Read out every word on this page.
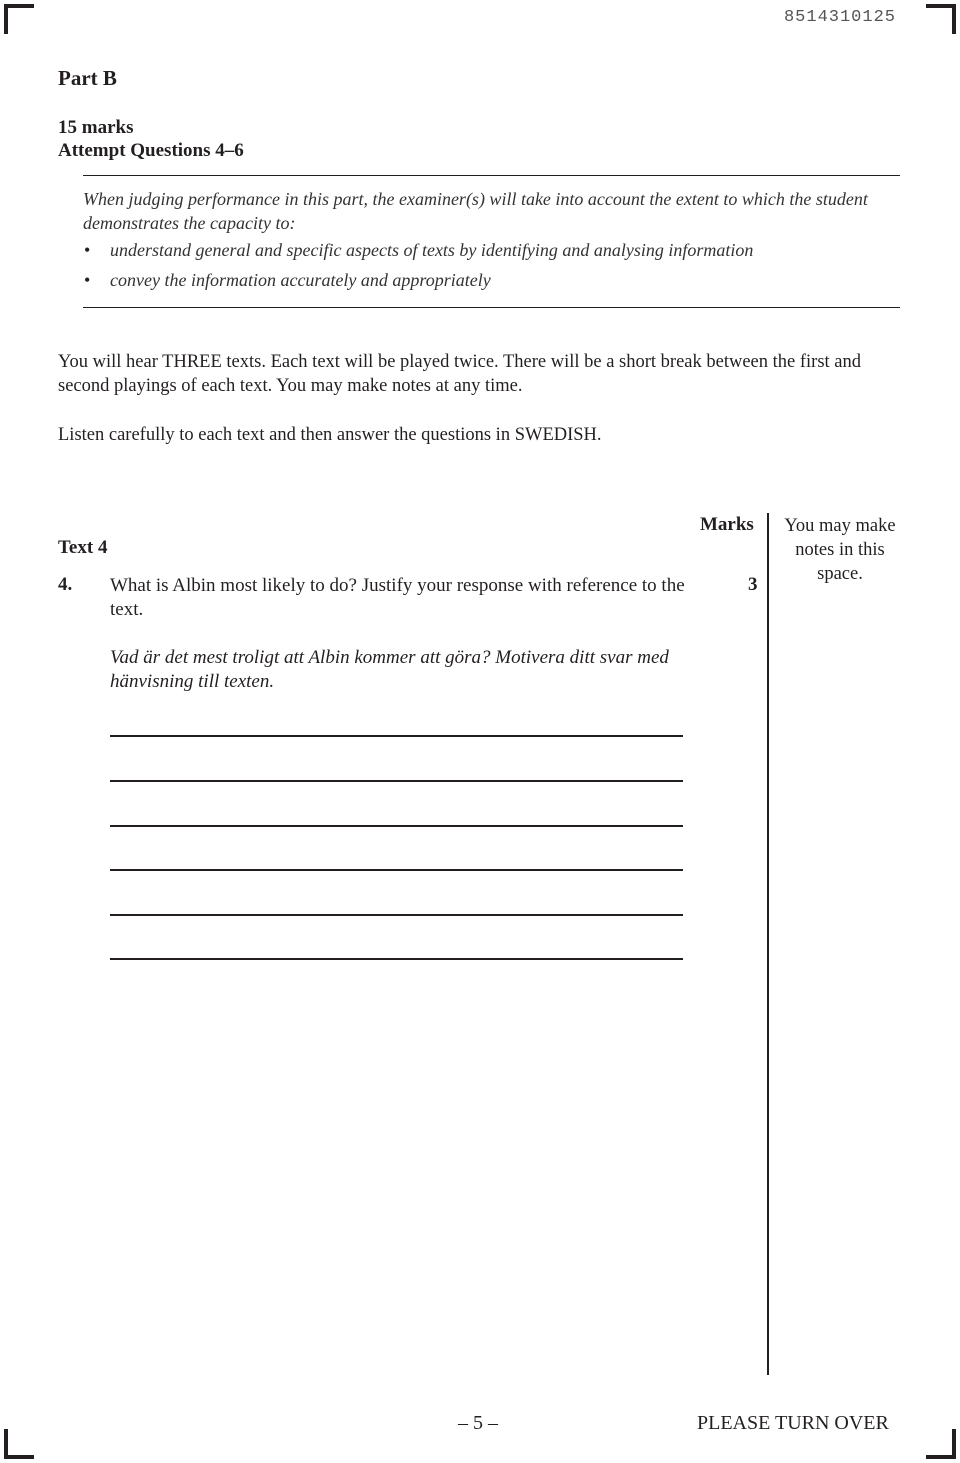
8514310125
Part B
15 marks
Attempt Questions 4–6
When judging performance in this part, the examiner(s) will take into account the extent to which the student demonstrates the capacity to:
• understand general and specific aspects of texts by identifying and analysing information
• convey the information accurately and appropriately
You will hear THREE texts. Each text will be played twice. There will be a short break between the first and second playings of each text. You may make notes at any time.
Listen carefully to each text and then answer the questions in SWEDISH.
Marks	You may make notes in this space.
Text 4
4. What is Albin most likely to do? Justify your response with reference to the text.
3
Vad är det mest troligt att Albin kommer att göra? Motivera ditt svar med hänvisning till texten.
– 5 –	PLEASE TURN OVER
